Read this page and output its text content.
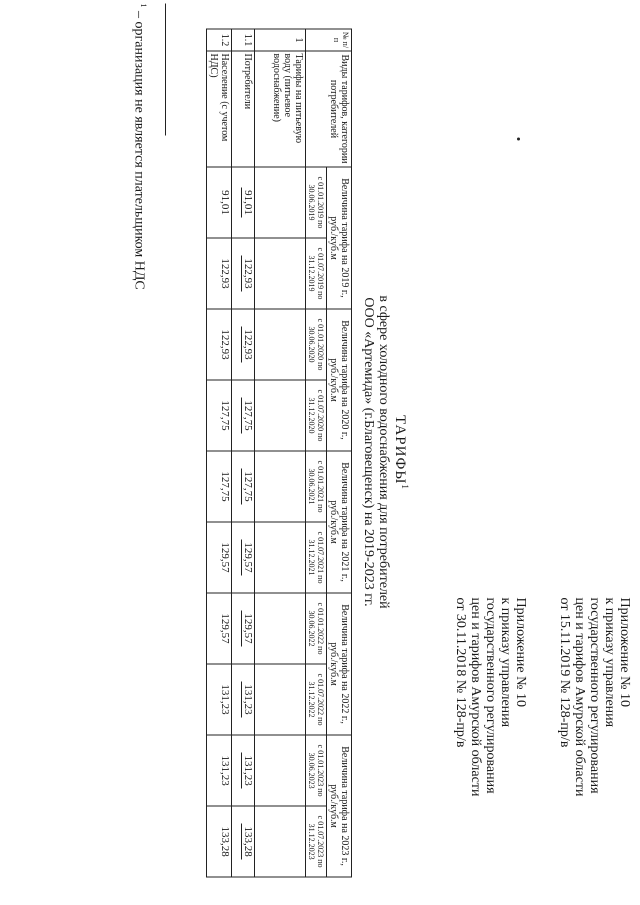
Приложение № 10
к приказу управления
государственного регулирования
цен и тарифов Амурской области
от 15.11.2019 № 128-пр/в
Приложение № 10
к приказу управления
государственного регулирования
цен и тарифов Амурской области
от 30.11.2018 № 128-пр/в
ТАРИФЫ$^1$
в сфере холодного водоснабжения для потребителей
ООО «Артемида» (г.Благовещенск) на 2019-2023 гг.
№ п/п	Виды тарифов, категории потребителей	Величина тарифа на 2019 г., руб./куб.м		Величина тарифа на 2020 г., руб./куб.м		Величина тарифа на 2021 г., руб./куб.м		Величина тарифа на 2022 г., руб./куб.м		Величина тарифа на 2023 г., руб./куб.м	
		с 01.01.2019 по 30.06.2019	с 01.07.2019 по 31.12.2019	с 01.01.2020 по 30.06.2020	с 01.07.2020 по 31.12.2020	с 01.01.2021 по 30.06.2021	с 01.07.2021 по 31.12.2021	с 01.01.2022 по 30.06.2022	с 01.07.2022 по 31.12.2022	с 01.01.2023 по 30.06.2023	с 01.07.2023 по 31.12.2023
1	Тарифы на питьевую воду (питьевое водоснабжение)										
1.1	Потребители	91,01	122,93	122,93	127,75	127,75	129,57	129,57	131,23	131,23	133,28
1.2	Население (с учетом НДС)	91,01	122,93	122,93	127,75	127,75	129,57	129,57	131,23	131,23	133,28
$^1$ – организация не является плательщиком НДС
